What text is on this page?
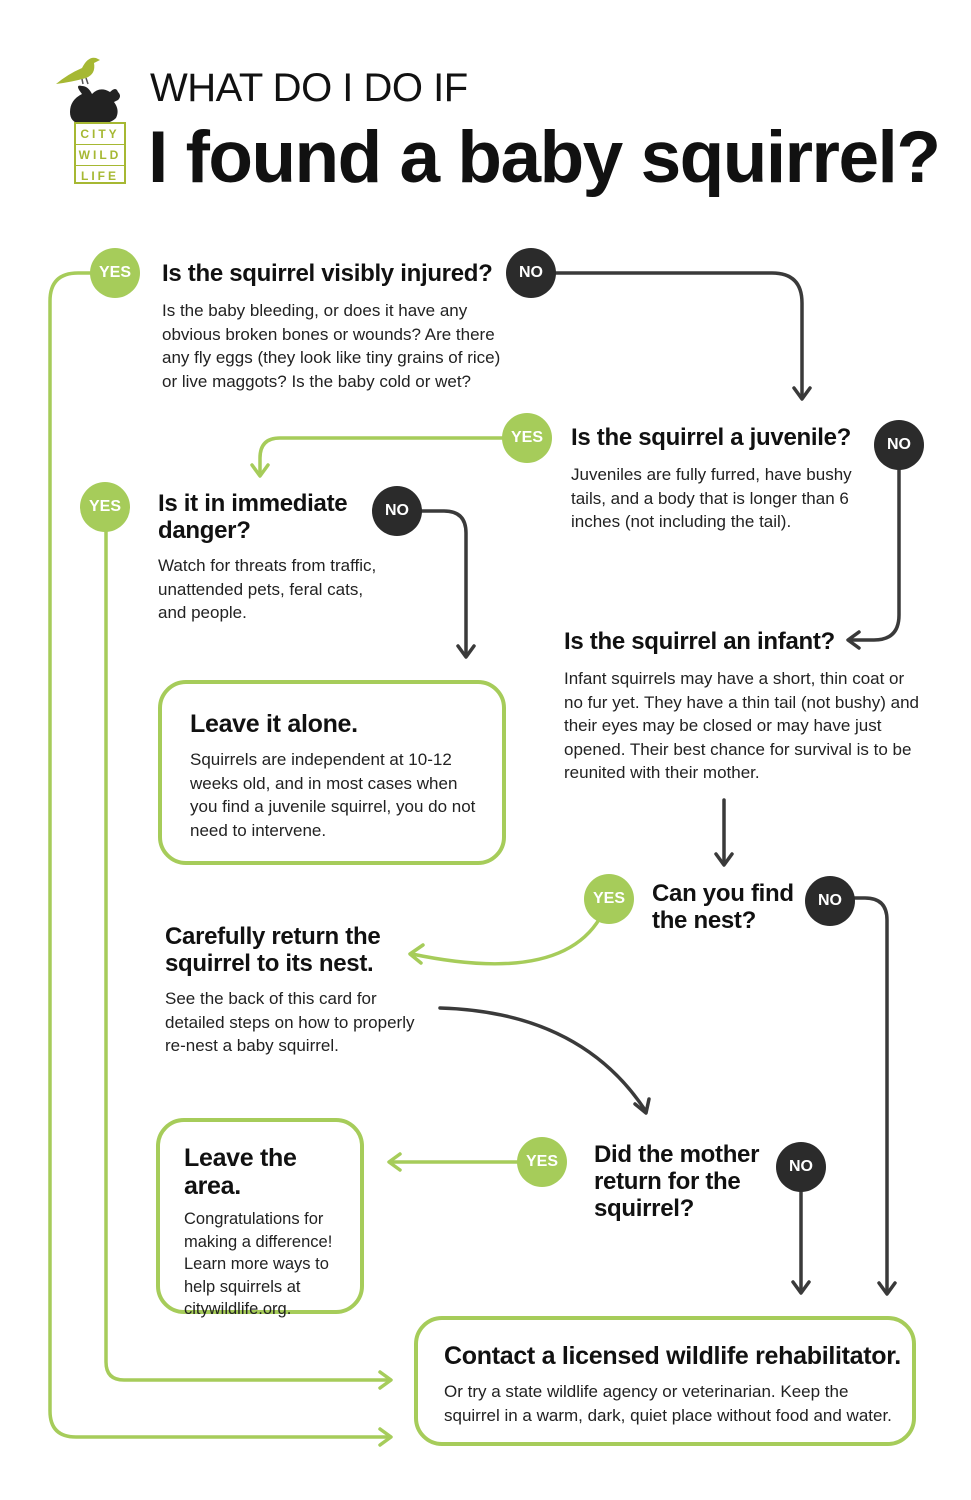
CITY
WILD
LIFE
WHAT DO I DO IF
I found a baby squirrel?
YES	NO
Is the squirrel visibly injured?
Is the baby bleeding, or does it have any obvious broken bones or wounds? Are there any fly eggs (they look like tiny grains of rice) or live maggots? Is the baby cold or wet?
YES	NO
Is the squirrel a juvenile?
Juveniles are fully furred, have bushy tails, and a body that is longer than 6 inches (not including the tail).
YES	NO
Is it in immediate danger?
Watch for threats from traffic, unattended pets, feral cats, and people.
Leave it alone.
Squirrels are independent at 10-12 weeks old, and in most cases when you find a juvenile squirrel, you do not need to intervene.
Is the squirrel an infant?
Infant squirrels may have a short, thin coat or no fur yet. They have a thin tail (not bushy) and their eyes may be closed or may have just opened. Their best chance for survival is to be reunited with their mother.
YES	NO
Can you find the nest?
Carefully return the squirrel to its nest.
See the back of this card for detailed steps on how to properly re-nest a baby squirrel.
Leave the area.
Congratulations for making a difference! Learn more ways to help squirrels at citywildlife.org.
YES	NO
Did the mother return for the squirrel?
Contact a licensed wildlife rehabilitator.
Or try a state wildlife agency or veterinarian. Keep the squirrel in a warm, dark, quiet place without food and water.
